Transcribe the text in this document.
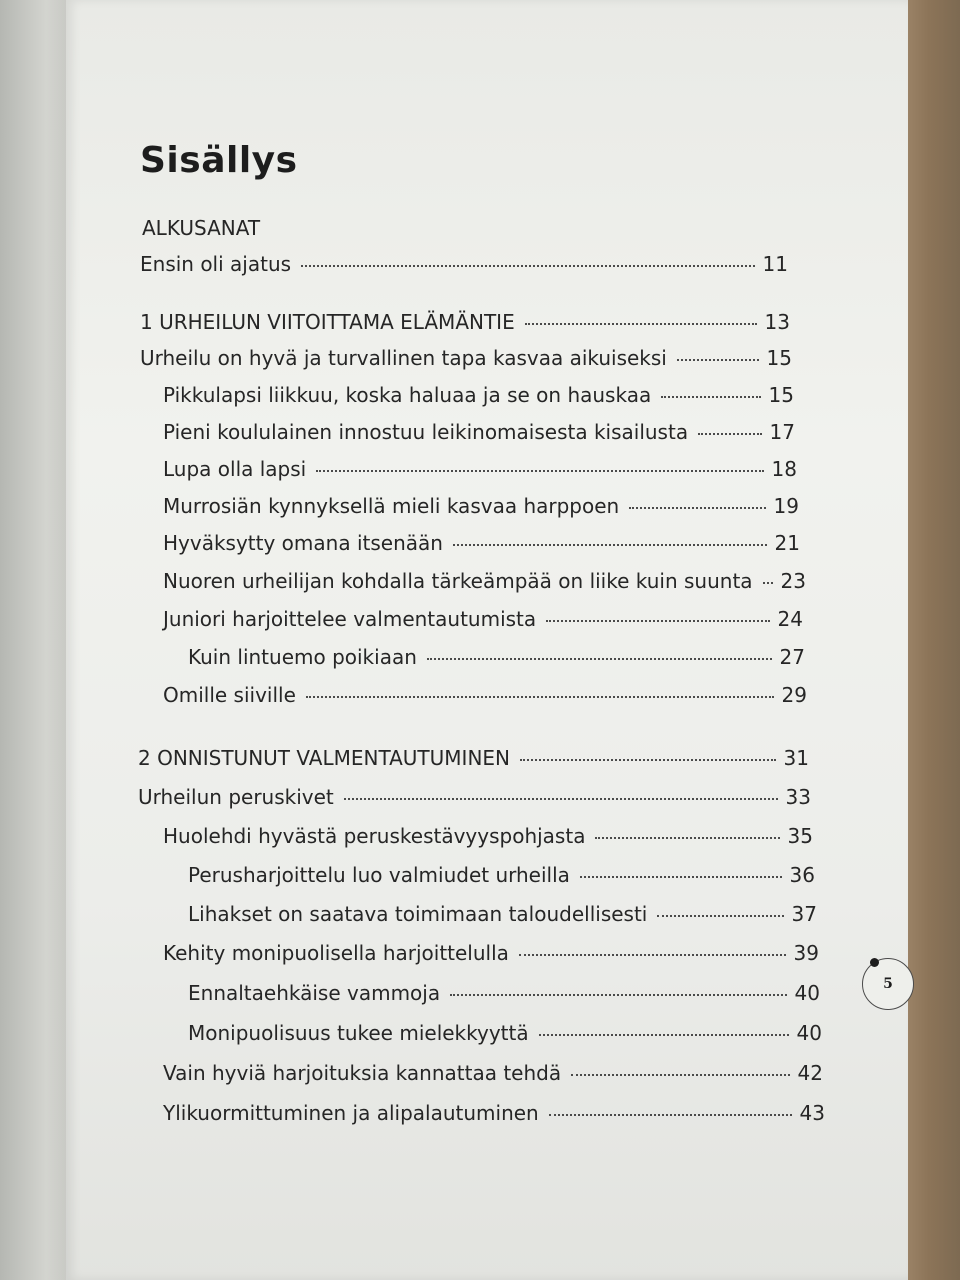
Sisällys
ALKUSANAT
Ensin oli ajatus	11
1 URHEILUN VIITOITTAMA ELÄMÄNTIE	13
Urheilu on hyvä ja turvallinen tapa kasvaa aikuiseksi	15
Pikkulapsi liikkuu, koska haluaa ja se on hauskaa	15
Pieni koululainen innostuu leikinomaisesta kisailusta	17
Lupa olla lapsi	18
Murrosiän kynnyksellä mieli kasvaa harppoen	19
Hyväksytty omana itsenään	21
Nuoren urheilijan kohdalla tärkeämpää on liike kuin suunta 23
Juniori harjoittelee valmentautumista	24
Kuin lintuemo poikiaan	27
Omille siiville	29
2 ONNISTUNUT VALMENTAUTUMINEN	31
Urheilun peruskivet	33
Huolehdi hyvästä peruskestävyyspohjasta	35
Perusharjoittelu luo valmiudet urheilla	36
Lihakset on saatava toimimaan taloudellisesti	37
Kehity monipuolisella harjoittelulla	39
Ennaltaehkäise vammoja	40
Monipuolisuus tukee mielekkyyttä	40
Vain hyviä harjoituksia kannattaa tehdä	42
Ylikuormittuminen ja alipalautuminen	43
5
